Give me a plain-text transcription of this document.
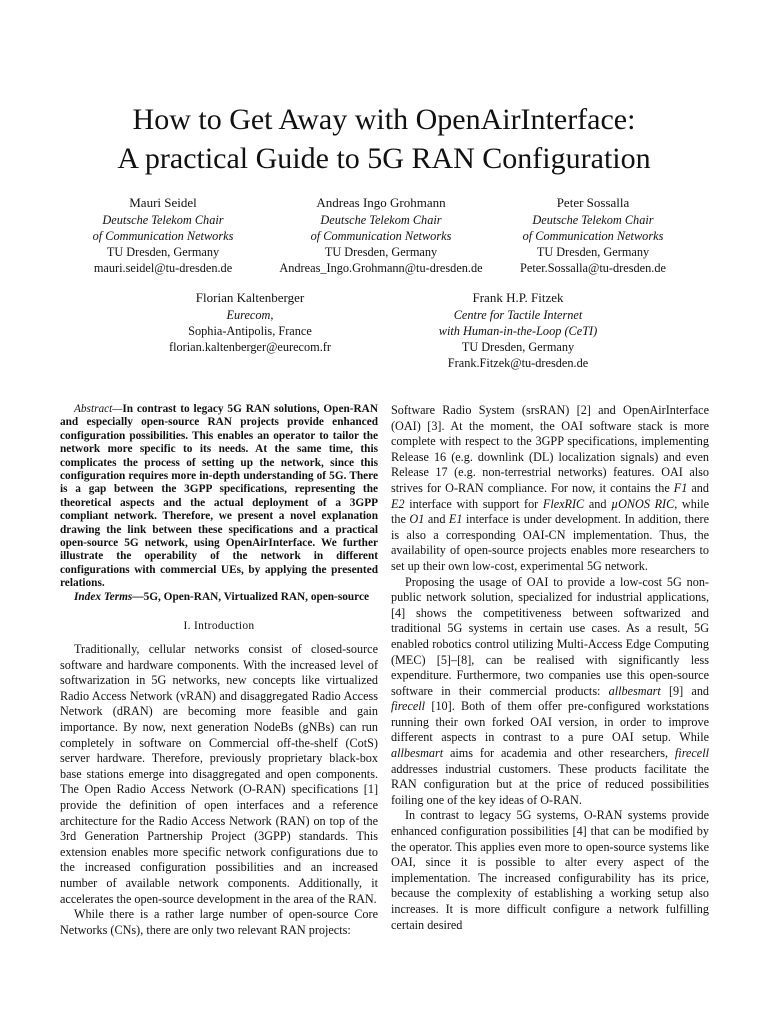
How to Get Away with OpenAirInterface:
A practical Guide to 5G RAN Configuration
Mauri Seidel
Deutsche Telekom Chair
of Communication Networks
TU Dresden, Germany
mauri.seidel@tu-dresden.de
Andreas Ingo Grohmann
Deutsche Telekom Chair
of Communication Networks
TU Dresden, Germany
Andreas_Ingo.Grohmann@tu-dresden.de
Peter Sossalla
Deutsche Telekom Chair
of Communication Networks
TU Dresden, Germany
Peter.Sossalla@tu-dresden.de
Florian Kaltenberger
Eurecom,
Sophia-Antipolis, France
florian.kaltenberger@eurecom.fr
Frank H.P. Fitzek
Centre for Tactile Internet
with Human-in-the-Loop (CeTI)
TU Dresden, Germany
Frank.Fitzek@tu-dresden.de

Abstract—In contrast to legacy 5G RAN solutions, Open-RAN and especially open-source RAN projects provide enhanced configuration possibilities. This enables an operator to tailor the network more specific to its needs. At the same time, this complicates the process of setting up the network, since this configuration requires more in-depth understanding of 5G. There is a gap between the 3GPP specifications, representing the theoretical aspects and the actual deployment of a 3GPP compliant network. Therefore, we present a novel explanation drawing the link between these specifications and a practical open-source 5G network, using OpenAirInterface. We further illustrate the operability of the network in different configurations with commercial UEs, by applying the presented relations.

Index Terms—5G, Open-RAN, Virtualized RAN, open-source

I. Introduction

Traditionally, cellular networks consist of closed-source software and hardware components. With the increased level of softwarization in 5G networks, new concepts like virtualized Radio Access Network (vRAN) and disaggregated Radio Access Network (dRAN) are becoming more feasible and gain importance. By now, next generation NodeBs (gNBs) can run completely in software on Commercial off-the-shelf (CotS) server hardware. Therefore, previously proprietary black-box base stations emerge into disaggregated and open components. The Open Radio Access Network (O-RAN) specifications [1] provide the definition of open interfaces and a reference architecture for the Radio Access Network (RAN) on top of the 3rd Generation Partnership Project (3GPP) standards. This extension enables more specific network configurations due to the increased configuration possibilities and an increased number of available network components. Additionally, it accelerates the open-source development in the area of the RAN.

While there is a rather large number of open-source Core Networks (CNs), there are only two relevant RAN projects:

Software Radio System (srsRAN) [2] and OpenAirInterface (OAI) [3]. At the moment, the OAI software stack is more complete with respect to the 3GPP specifications, implementing Release 16 (e.g. downlink (DL) localization signals) and even Release 17 (e.g. non-terrestrial networks) features. OAI also strives for O-RAN compliance. For now, it contains the F1 and E2 interface with support for FlexRIC and µONOS RIC, while the O1 and E1 interface is under development. In addition, there is also a corresponding OAI-CN implementation. Thus, the availability of open-source projects enables more researchers to set up their own low-cost, experimental 5G network.

Proposing the usage of OAI to provide a low-cost 5G non-public network solution, specialized for industrial applications, [4] shows the competitiveness between softwarized and traditional 5G systems in certain use cases. As a result, 5G enabled robotics control utilizing Multi-Access Edge Computing (MEC) [5]–[8], can be realised with significantly less expenditure. Furthermore, two companies use this open-source software in their commercial products: allbesmart [9] and firecell [10]. Both of them offer pre-configured workstations running their own forked OAI version, in order to improve different aspects in contrast to a pure OAI setup. While allbesmart aims for academia and other researchers, firecell addresses industrial customers. These products facilitate the RAN configuration but at the price of reduced possibilities foiling one of the key ideas of O-RAN.

In contrast to legacy 5G systems, O-RAN systems provide enhanced configuration possibilities [4] that can be modified by the operator. This applies even more to open-source systems like OAI, since it is possible to alter every aspect of the implementation. The increased configurability has its price, because the complexity of establishing a working setup also increases. It is more difficult configure a network fulfilling certain desired
